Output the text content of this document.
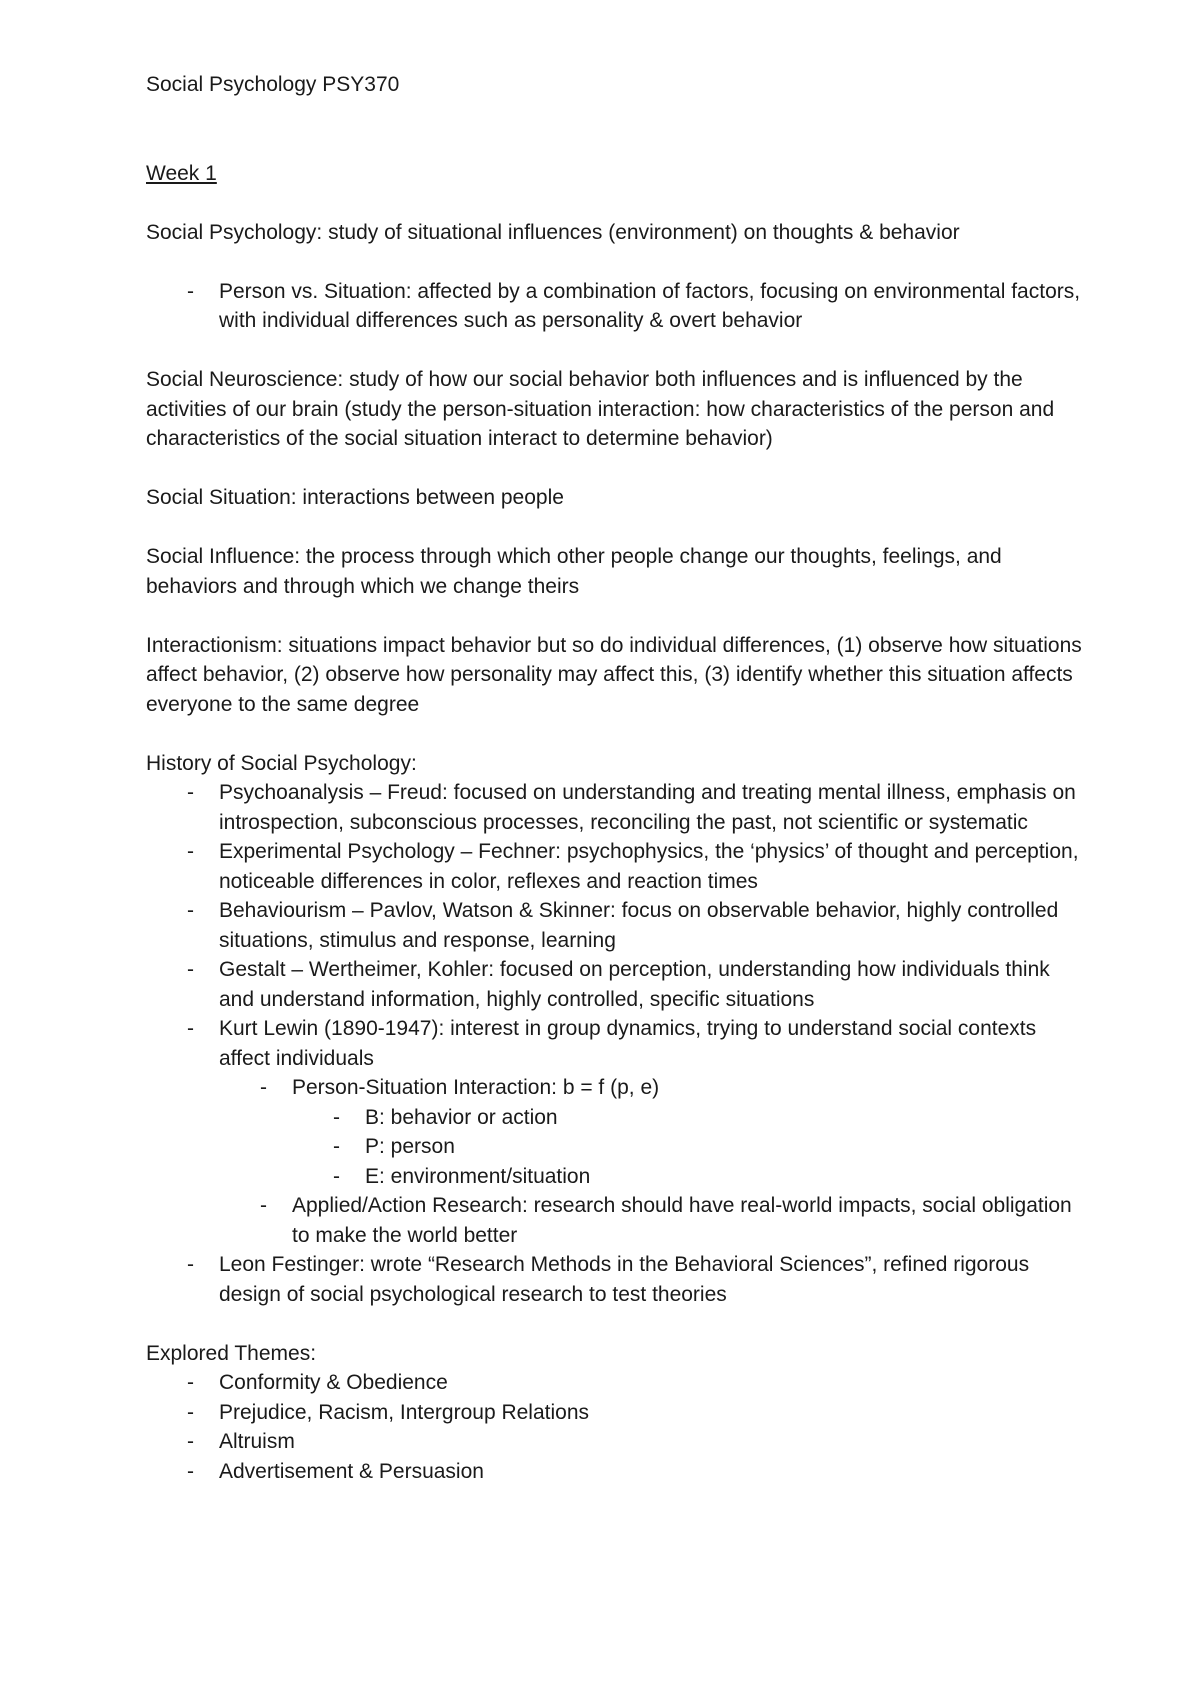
Social Psychology PSY370

Week 1

Social Psychology: study of situational influences (environment) on thoughts & behavior

- Person vs. Situation: affected by a combination of factors, focusing on environmental factors, with individual differences such as personality & overt behavior

Social Neuroscience: study of how our social behavior both influences and is influenced by the activities of our brain (study the person-situation interaction: how characteristics of the person and characteristics of the social situation interact to determine behavior)

Social Situation: interactions between people

Social Influence: the process through which other people change our thoughts, feelings, and behaviors and through which we change theirs

Interactionism: situations impact behavior but so do individual differences, (1) observe how situations affect behavior, (2) observe how personality may affect this, (3) identify whether this situation affects everyone to the same degree

History of Social Psychology:

- Psychoanalysis – Freud: focused on understanding and treating mental illness, emphasis on introspection, subconscious processes, reconciling the past, not scientific or systematic
- Experimental Psychology – Fechner: psychophysics, the ‘physics’ of thought and perception, noticeable differences in color, reflexes and reaction times
- Behaviourism – Pavlov, Watson & Skinner: focus on observable behavior, highly controlled situations, stimulus and response, learning
- Gestalt – Wertheimer, Kohler: focused on perception, understanding how individuals think and understand information, highly controlled, specific situations
- Kurt Lewin (1890-1947): interest in group dynamics, trying to understand social contexts affect individuals
- Person-Situation Interaction: b = f (p, e)
- B: behavior or action
- P: person
- E: environment/situation
- Applied/Action Research: research should have real-world impacts, social obligation to make the world better
- Leon Festinger: wrote “Research Methods in the Behavioral Sciences”, refined rigorous design of social psychological research to test theories

Explored Themes:

- Conformity & Obedience
- Prejudice, Racism, Intergroup Relations
- Altruism
- Advertisement & Persuasion
